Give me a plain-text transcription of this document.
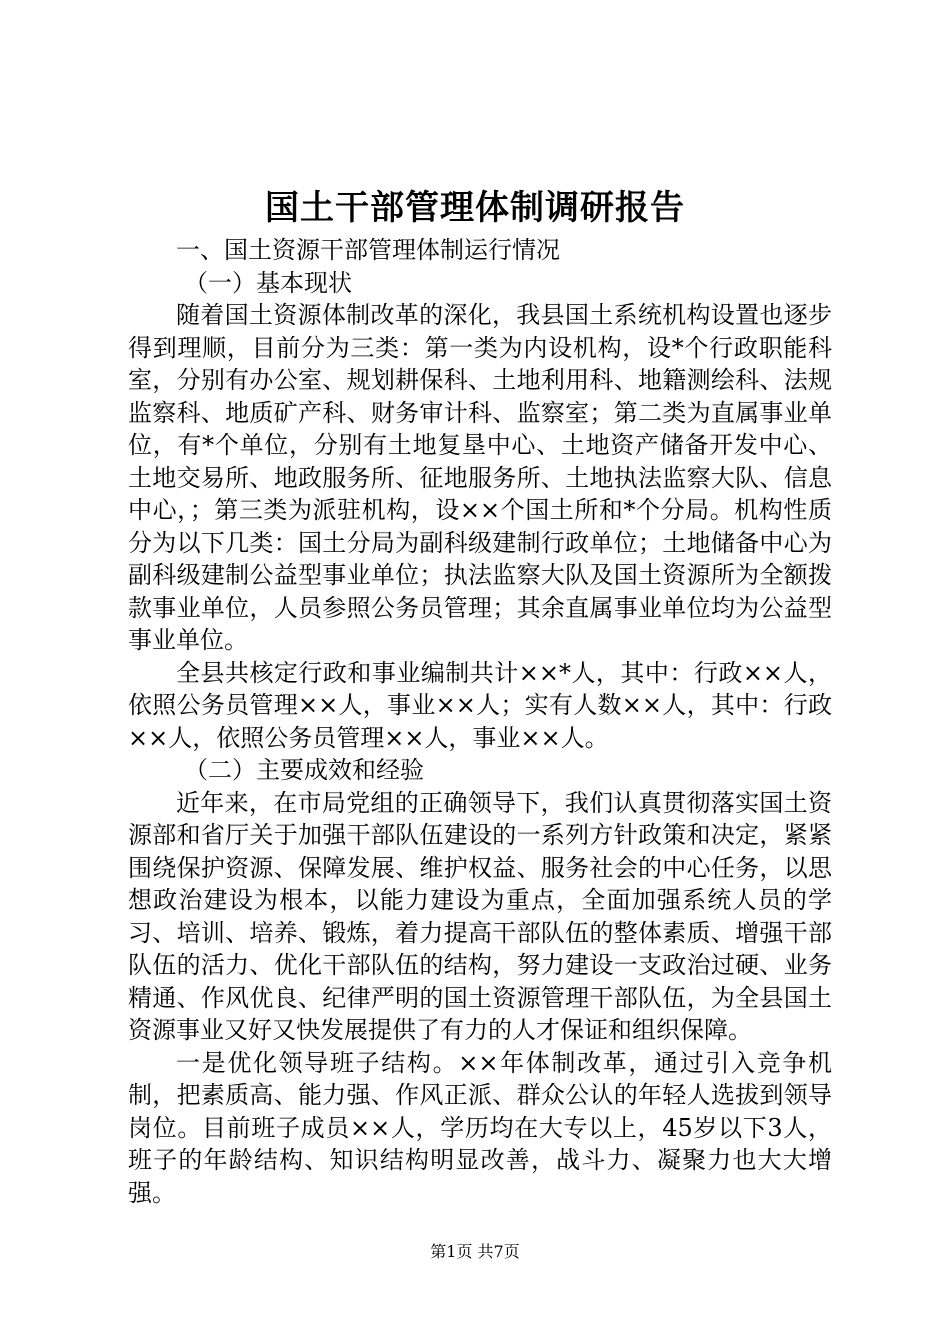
国土干部管理体制调研报告

一、国土资源干部管理体制运行情况

（一）基本现状

随着国土资源体制改革的深化，我县国土系统机构设置也逐步得到理顺，目前分为三类：第一类为内设机构，设*个行政职能科室，分别有办公室、规划耕保科、土地利用科、地籍测绘科、法规监察科、地质矿产科、财务审计科、监察室；第二类为直属事业单位，有*个单位，分别有土地复垦中心、土地资产储备开发中心、土地交易所、地政服务所、征地服务所、土地执法监察大队、信息中心，；第三类为派驻机构，设××个国土所和*个分局。机构性质分为以下几类：国土分局为副科级建制行政单位；土地储备中心为副科级建制公益型事业单位；执法监察大队及国土资源所为全额拨款事业单位，人员参照公务员管理；其余直属事业单位均为公益型事业单位。

全县共核定行政和事业编制共计××*人，其中：行政××人，依照公务员管理××人，事业××人；实有人数××人，其中：行政××人，依照公务员管理××人，事业××人。

（二）主要成效和经验

近年来，在市局党组的正确领导下，我们认真贯彻落实国土资源部和省厅关于加强干部队伍建设的一系列方针政策和决定，紧紧围绕保护资源、保障发展、维护权益、服务社会的中心任务，以思想政治建设为根本，以能力建设为重点，全面加强系统人员的学习、培训、培养、锻炼，着力提高干部队伍的整体素质、增强干部队伍的活力、优化干部队伍的结构，努力建设一支政治过硬、业务精通、作风优良、纪律严明的国土资源管理干部队伍，为全县国土资源事业又好又快发展提供了有力的人才保证和组织保障。

一是优化领导班子结构。××年体制改革，通过引入竞争机制，把素质高、能力强、作风正派、群众公认的年轻人选拔到领导岗位。目前班子成员××人，学历均在大专以上，45岁以下3人，班子的年龄结构、知识结构明显改善，战斗力、凝聚力也大大增强。

第1页 共7页
